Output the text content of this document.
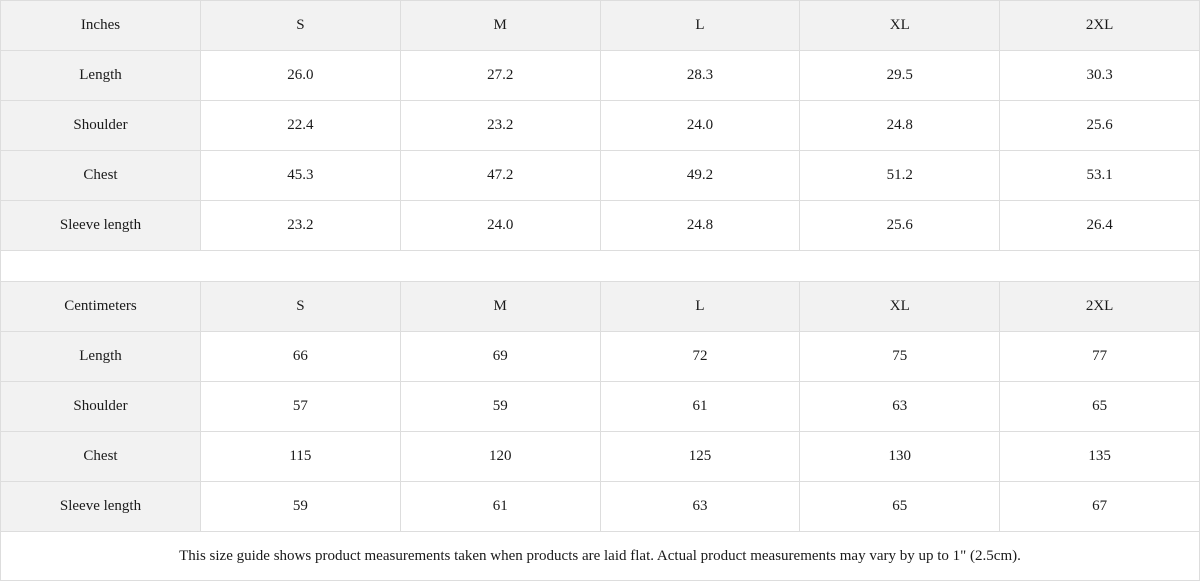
Inches	S	M	L	XL	2XL
Length	26.0	27.2	28.3	29.5	30.3
Shoulder	22.4	23.2	24.0	24.8	25.6
Chest	45.3	47.2	49.2	51.2	53.1
Sleeve length	23.2	24.0	24.8	25.6	26.4
Centimeters	S	M	L	XL	2XL
Length	66	69	72	75	77
Shoulder	57	59	61	63	65
Chest	115	120	125	130	135
Sleeve length	59	61	63	65	67
This size guide shows product measurements taken when products are laid flat. Actual product measurements may vary by up to 1" (2.5cm).
